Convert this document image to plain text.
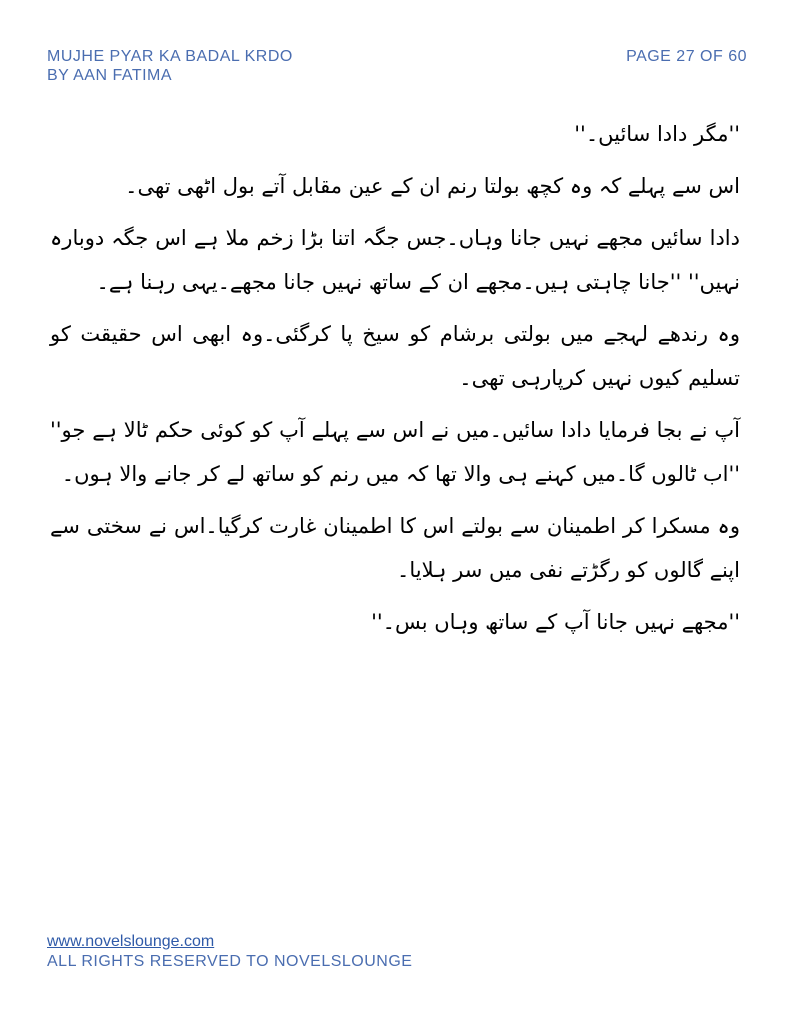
MUJHE PYAR KA BADAL KRDO
BY AAN FATIMA
PAGE 27 OF 60

''مگر دادا سائیں۔''

اس سے پہلے کہ وہ کچھ بولتا رنم ان کے عین مقابل آتے بول اٹھی تھی۔

دادا سائیں مجھے نہیں جانا وہاں۔جس جگہ اتنا بڑا زخم ملا ہے اس جگہ دوبارہ نہیں'' ''جانا چاہتی ہیں۔مجھے ان کے ساتھ نہیں جانا مجھے۔یہی رہنا ہے۔

وہ رندھے لہجے میں بولتی برشام کو سیخ پا کرگئی۔وہ ابھی اس حقیقت کو تسلیم کیوں نہیں کرپارہی تھی۔

آپ نے بجا فرمایا دادا سائیں۔میں نے اس سے پہلے آپ کو کوئی حکم ٹالا ہے جو'' ''اب ٹالوں گا۔میں کہنے ہی والا تھا کہ میں رنم کو ساتھ لے کر جانے والا ہوں۔

وہ مسکرا کر اطمینان سے بولتے اس کا اطمینان غارت کرگیا۔اس نے سختی سے اپنے گالوں کو رگڑتے نفی میں سر ہلایا۔

''مجھے نہیں جانا آپ کے ساتھ وہاں بس۔''

www.novelslounge.com
ALL RIGHTS RESERVED TO NOVELSLOUNGE
